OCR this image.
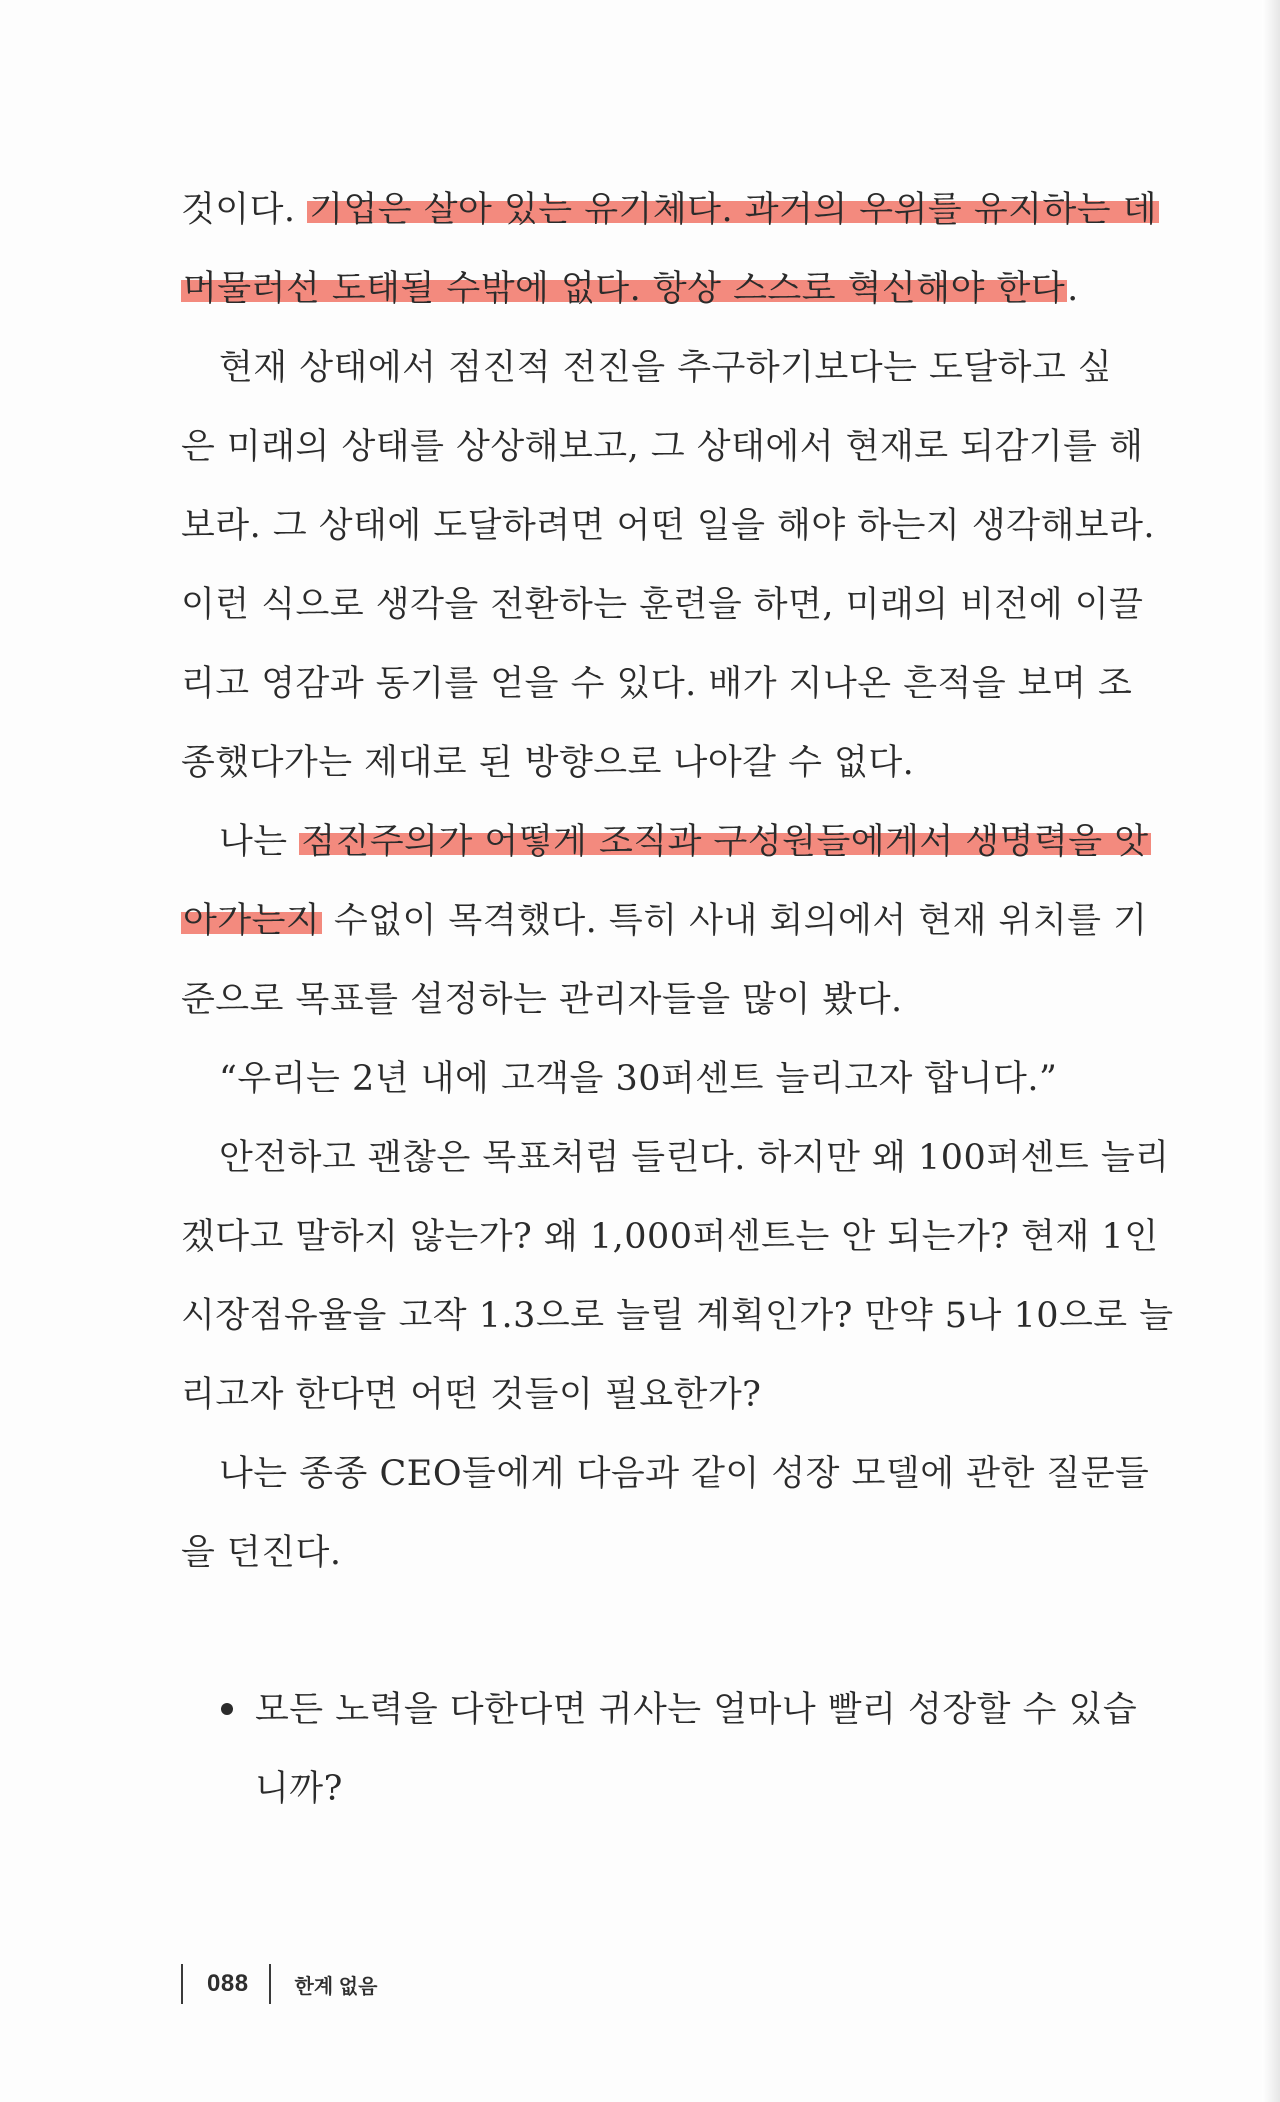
것이다. 기업은 살아 있는 유기체다. 과거의 우위를 유지하는 데
머물러선 도태될 수밖에 없다. 항상 스스로 혁신해야 한다.
현재 상태에서 점진적 전진을 추구하기보다는 도달하고 싶
은 미래의 상태를 상상해보고, 그 상태에서 현재로 되감기를 해
보라. 그 상태에 도달하려면 어떤 일을 해야 하는지 생각해보라.
이런 식으로 생각을 전환하는 훈련을 하면, 미래의 비전에 이끌
리고 영감과 동기를 얻을 수 있다. 배가 지나온 흔적을 보며 조
종했다가는 제대로 된 방향으로 나아갈 수 없다.
나는 점진주의가 어떻게 조직과 구성원들에게서 생명력을 앗
아가는지 수없이 목격했다. 특히 사내 회의에서 현재 위치를 기
준으로 목표를 설정하는 관리자들을 많이 봤다.
“우리는 2년 내에 고객을 30퍼센트 늘리고자 합니다.”
안전하고 괜찮은 목표처럼 들린다. 하지만 왜 100퍼센트 늘리
겠다고 말하지 않는가? 왜 1,000퍼센트는 안 되는가? 현재 1인
시장점유율을 고작 1.3으로 늘릴 계획인가? 만약 5나 10으로 늘
리고자 한다면 어떤 것들이 필요한가?
나는 종종 CEO들에게 다음과 같이 성장 모델에 관한 질문들
을 던진다.
모든 노력을 다한다면 귀사는 얼마나 빨리 성장할 수 있습
니까?
088 한계 없음
